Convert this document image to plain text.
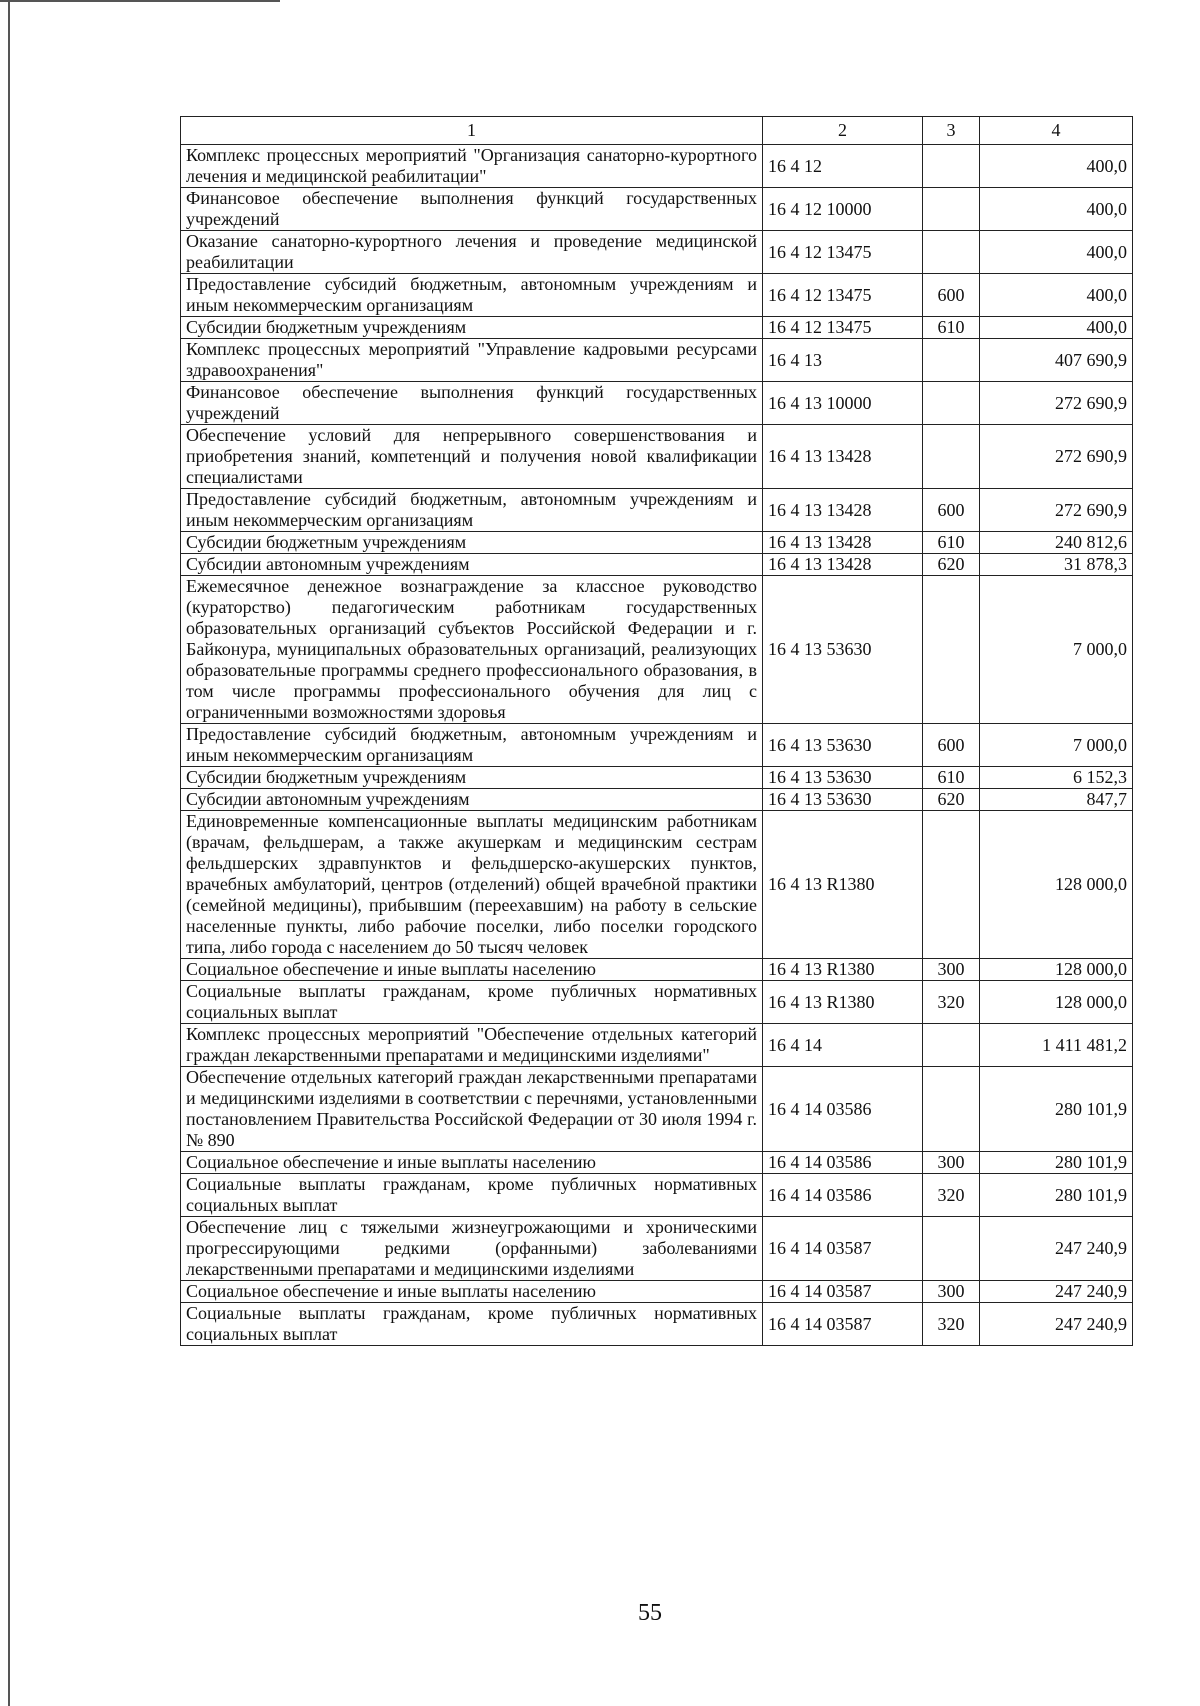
1	2	3	4
Комплекс процессных мероприятий "Организация санаторно-курортного лечения и медицинской реабилитации"	16 4 12		400,0
Финансовое обеспечение выполнения функций государственных учреждений	16 4 12 10000		400,0
Оказание санаторно-курортного лечения и проведение медицинской реабилитации	16 4 12 13475		400,0
Предоставление субсидий бюджетным, автономным учреждениям и иным некоммерческим организациям	16 4 12 13475	600	400,0
Субсидии бюджетным учреждениям	16 4 12 13475	610	400,0
Комплекс процессных мероприятий "Управление кадровыми ресурсами здравоохранения"	16 4 13		407 690,9
Финансовое обеспечение выполнения функций государственных учреждений	16 4 13 10000		272 690,9
Обеспечение условий для непрерывного совершенствования и приобретения знаний, компетенций и получения новой квалификации специалистами	16 4 13 13428		272 690,9
Предоставление субсидий бюджетным, автономным учреждениям и иным некоммерческим организациям	16 4 13 13428	600	272 690,9
Субсидии бюджетным учреждениям	16 4 13 13428	610	240 812,6
Субсидии автономным учреждениям	16 4 13 13428	620	31 878,3
Ежемесячное денежное вознаграждение за классное руководство (кураторство) педагогическим работникам государственных образовательных организаций субъектов Российской Федерации и г. Байконура, муниципальных образовательных организаций, реализующих образовательные программы среднего профессионального образования, в том числе программы профессионального обучения для лиц с ограниченными возможностями здоровья	16 4 13 53630		7 000,0
Предоставление субсидий бюджетным, автономным учреждениям и иным некоммерческим организациям	16 4 13 53630	600	7 000,0
Субсидии бюджетным учреждениям	16 4 13 53630	610	6 152,3
Субсидии автономным учреждениям	16 4 13 53630	620	847,7
Единовременные компенсационные выплаты медицинским работникам (врачам, фельдшерам, а также акушеркам и медицинским сестрам фельдшерских здравпунктов и фельдшерско-акушерских пунктов, врачебных амбулаторий, центров (отделений) общей врачебной практики (семейной медицины), прибывшим (переехавшим) на работу в сельские населенные пункты, либо рабочие поселки, либо поселки городского типа, либо города с населением до 50 тысяч человек	16 4 13 R1380		128 000,0
Социальное обеспечение и иные выплаты населению	16 4 13 R1380	300	128 000,0
Социальные выплаты гражданам, кроме публичных нормативных социальных выплат	16 4 13 R1380	320	128 000,0
Комплекс процессных мероприятий "Обеспечение отдельных категорий граждан лекарственными препаратами и медицинскими изделиями"	16 4 14		1 411 481,2
Обеспечение отдельных категорий граждан лекарственными препаратами и медицинскими изделиями в соответствии с перечнями, установленными постановлением Правительства Российской Федерации от 30 июля 1994 г. № 890	16 4 14 03586		280 101,9
Социальное обеспечение и иные выплаты населению	16 4 14 03586	300	280 101,9
Социальные выплаты гражданам, кроме публичных нормативных социальных выплат	16 4 14 03586	320	280 101,9
Обеспечение лиц с тяжелыми жизнеугрожающими и хроническими прогрессирующими редкими (орфанными) заболеваниями лекарственными препаратами и медицинскими изделиями	16 4 14 03587		247 240,9
Социальное обеспечение и иные выплаты населению	16 4 14 03587	300	247 240,9
Социальные выплаты гражданам, кроме публичных нормативных социальных выплат	16 4 14 03587	320	247 240,9
55
